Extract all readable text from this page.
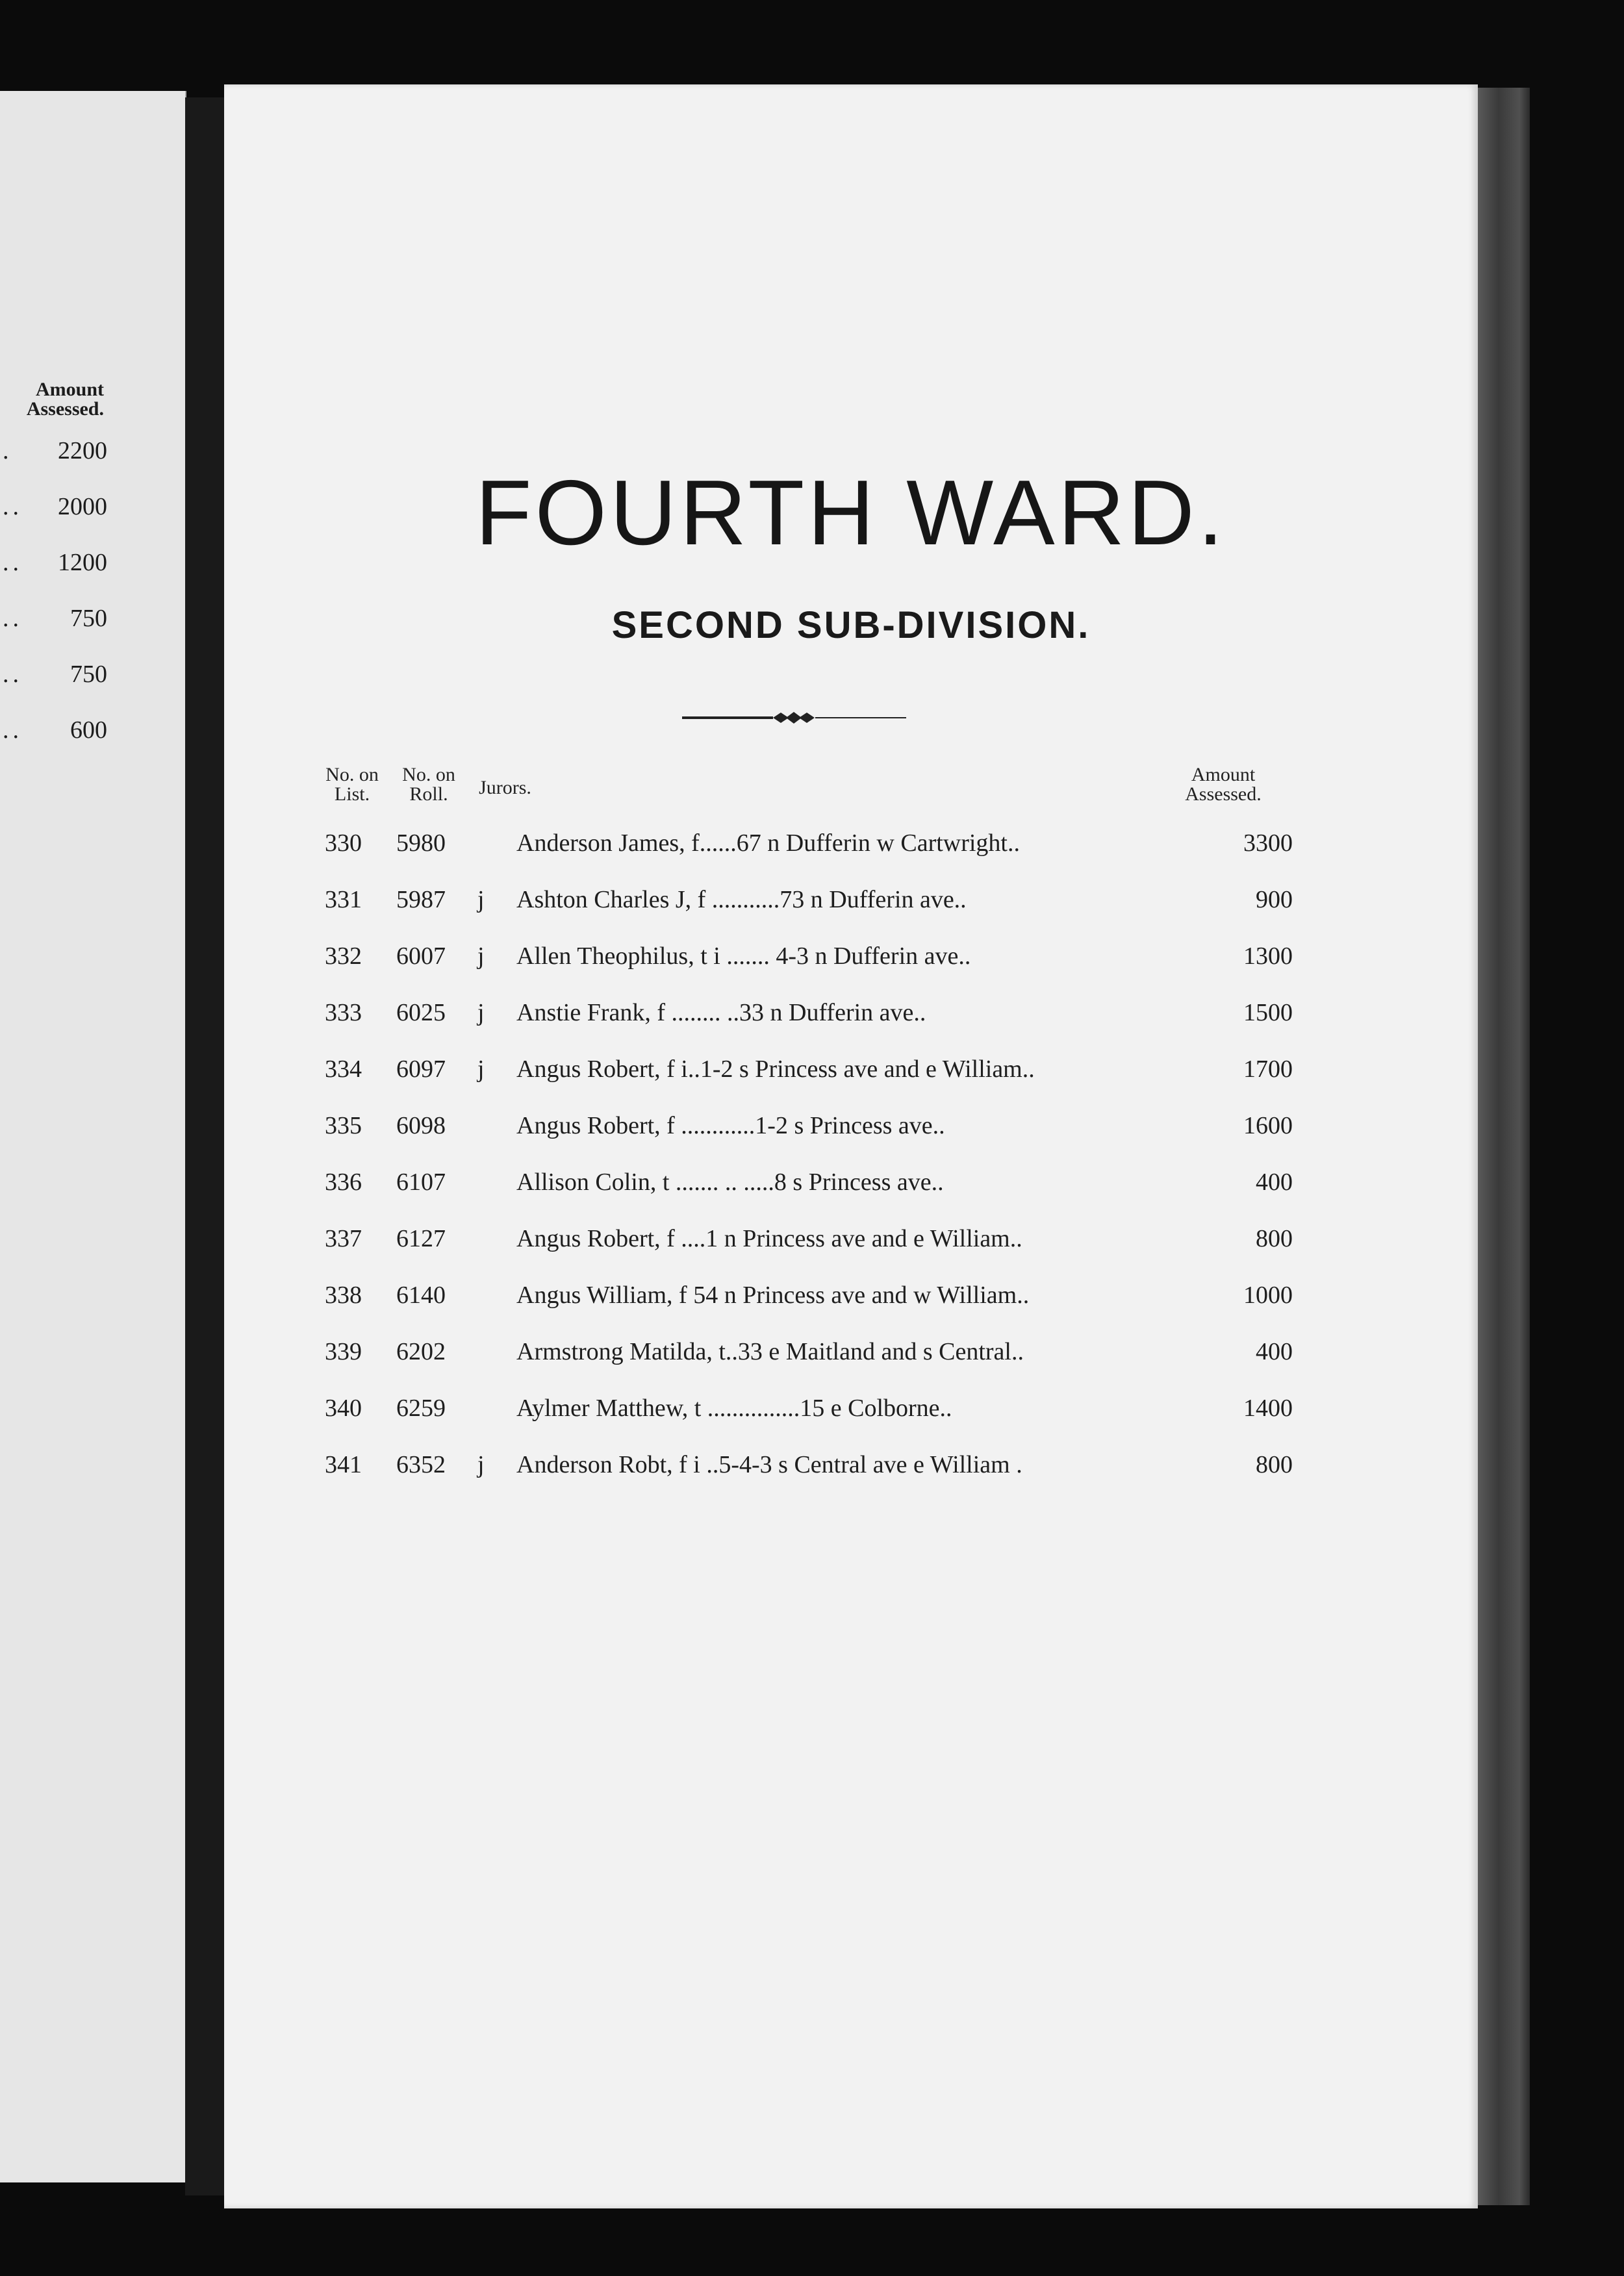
Amount Assessed.
. 2200
.. 2000
.. 1200
.. 750
.. 750
.. 600
FOURTH WARD.
SECOND SUB-DIVISION.
No. on List.
No. on Roll.	Jurors.
Amount Assessed.
330 5980	Anderson James, f......67 n Dufferin w Cartwright..	3300
331 5987 j Ashton Charles J, f ...........73 n Dufferin ave..	900
332 6007 j Allen Theophilus, t i ....... 4-3 n Dufferin ave..	1300
333 6025 j Anstie Frank, f ........ ..33 n Dufferin ave..	1500
334 6097 j Angus Robert, f i..1-2 s Princess ave and e William..	1700
335 6098	Angus Robert, f ............1-2 s Princess ave..	1600
336 6107	Allison Colin, t ....... .. .....8 s Princess ave..	400
337 6127	Angus Robert, f ....1 n Princess ave and e William..	800
338 6140	Angus William, f 54 n Princess ave and w William..	1000
339 6202	Armstrong Matilda, t..33 e Maitland and s Central..	400
340 6259	Aylmer Matthew, t ...............15 e Colborne..	1400
341 6352 j Anderson Robt, f i ..5-4-3 s Central ave e William .	800
